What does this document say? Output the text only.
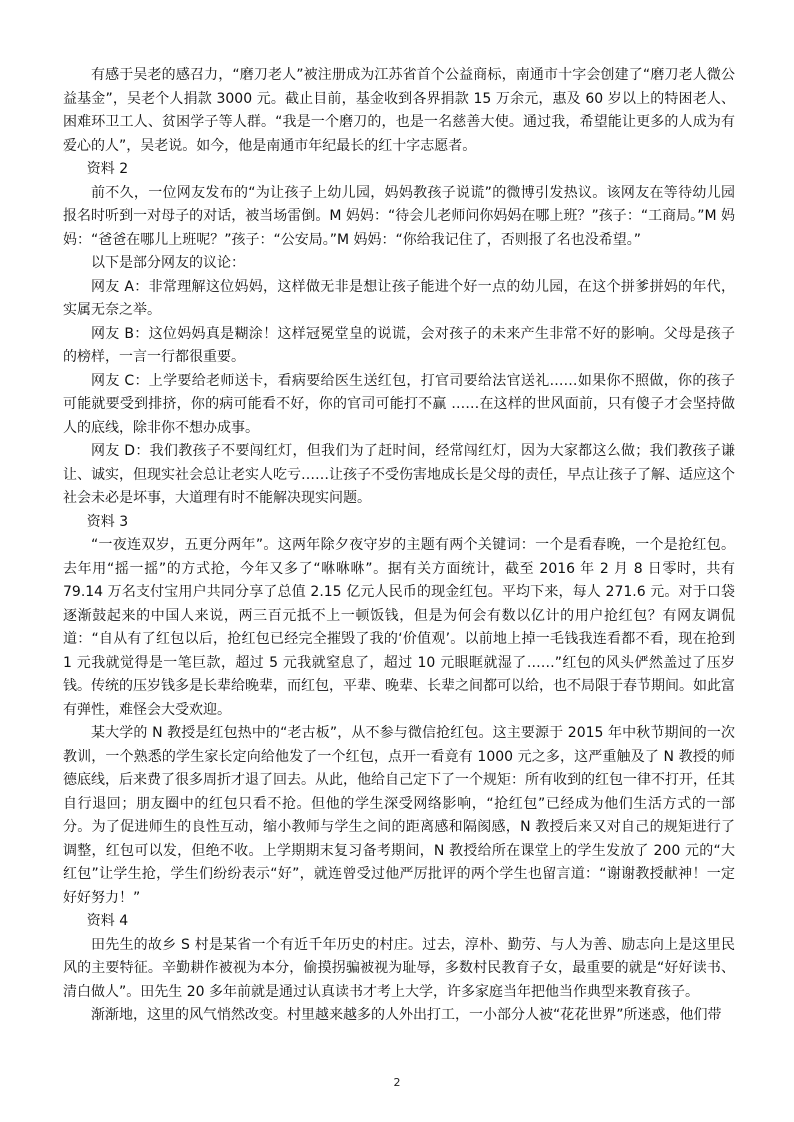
有感于吴老的感召力，“磨刀老人”被注册成为江苏省首个公益商标，南通市十字会创建了“磨刀老人微公益基金”，吴老个人捐款 3000 元。截止目前，基金收到各界捐款 15 万余元，惠及 60 岁以上的特困老人、困难环卫工人、贫困学子等人群。“我是一个磨刀的，也是一名慈善大使。通过我，希望能让更多的人成为有爱心的人”，吴老说。如今，他是南通市年纪最长的红十字志愿者。

资料 2

前不久，一位网友发布的“为让孩子上幼儿园，妈妈教孩子说谎”的微博引发热议。该网友在等待幼儿园报名时听到一对母子的对话，被当场雷倒。M 妈妈：“待会儿老师问你妈妈在哪上班？”孩子：“工商局。”M 妈妈：“爸爸在哪儿上班呢？”孩子：“公安局。”M 妈妈：“你给我记住了，否则报了名也没希望。”

以下是部分网友的议论：

网友 A：非常理解这位妈妈，这样做无非是想让孩子能进个好一点的幼儿园，在这个拼爹拼妈的年代，实属无奈之举。

网友 B：这位妈妈真是糊涂！这样冠冕堂皇的说谎，会对孩子的未来产生非常不好的影响。父母是孩子的榜样，一言一行都很重要。

网友 C：上学要给老师送卡，看病要给医生送红包，打官司要给法官送礼……如果你不照做，你的孩子可能就要受到排挤，你的病可能看不好，你的官司可能打不赢 ……在这样的世风面前，只有傻子才会坚持做人的底线，除非你不想办成事。

网友 D：我们教孩子不要闯红灯，但我们为了赶时间，经常闯红灯，因为大家都这么做；我们教孩子谦让、诚实，但现实社会总让老实人吃亏……让孩子不受伤害地成长是父母的责任，早点让孩子了解、适应这个社会未必是坏事，大道理有时不能解决现实问题。

资料 3

“一夜连双岁，五更分两年”。这两年除夕夜守岁的主题有两个关键词：一个是看春晚，一个是抢红包。去年用“摇一摇”的方式抢，今年又多了“咻咻咻”。据有关方面统计，截至 2016 年 2 月 8 日零时，共有 79.14 万名支付宝用户共同分享了总值 2.15 亿元人民币的现金红包。平均下来，每人 271.6 元。对于口袋逐渐鼓起来的中国人来说，两三百元抵不上一顿饭钱，但是为何会有数以亿计的用户抢红包？有网友调侃道：“自从有了红包以后，抢红包已经完全摧毁了我的‘价值观’。以前地上掉一毛钱我连看都不看，现在抢到 1 元我就觉得是一笔巨款，超过 5 元我就窒息了，超过 10 元眼眶就湿了……”红包的风头俨然盖过了压岁钱。传统的压岁钱多是长辈给晚辈，而红包，平辈、晚辈、长辈之间都可以给，也不局限于春节期间。如此富有弹性，难怪会大受欢迎。

某大学的 N 教授是红包热中的“老古板”，从不参与微信抢红包。这主要源于 2015 年中秋节期间的一次教训，一个熟悉的学生家长定向给他发了一个红包，点开一看竟有 1000 元之多，这严重触及了 N 教授的师德底线，后来费了很多周折才退了回去。从此，他给自己定下了一个规矩：所有收到的红包一律不打开，任其自行退回；朋友圈中的红包只看不抢。但他的学生深受网络影响，“抢红包”已经成为他们生活方式的一部分。为了促进师生的良性互动，缩小教师与学生之间的距离感和隔阂感，N 教授后来又对自己的规矩进行了调整，红包可以发，但绝不收。上学期期末复习备考期间，N 教授给所在课堂上的学生发放了 200 元的“大红包”让学生抢，学生们纷纷表示“好”，就连曾受过他严厉批评的两个学生也留言道：“谢谢教授献神！一定好好努力！”

资料 4

田先生的故乡 S 村是某省一个有近千年历史的村庄。过去，淳朴、勤劳、与人为善、励志向上是这里民风的主要特征。辛勤耕作被视为本分，偷摸拐骗被视为耻辱，多数村民教育子女，最重要的就是“好好读书、清白做人”。田先生 20 多年前就是通过认真读书才考上大学，许多家庭当年把他当作典型来教育孩子。

渐渐地，这里的风气悄然改变。村里越来越多的人外出打工，一小部分人被“花花世界”所迷惑，他们带

2
